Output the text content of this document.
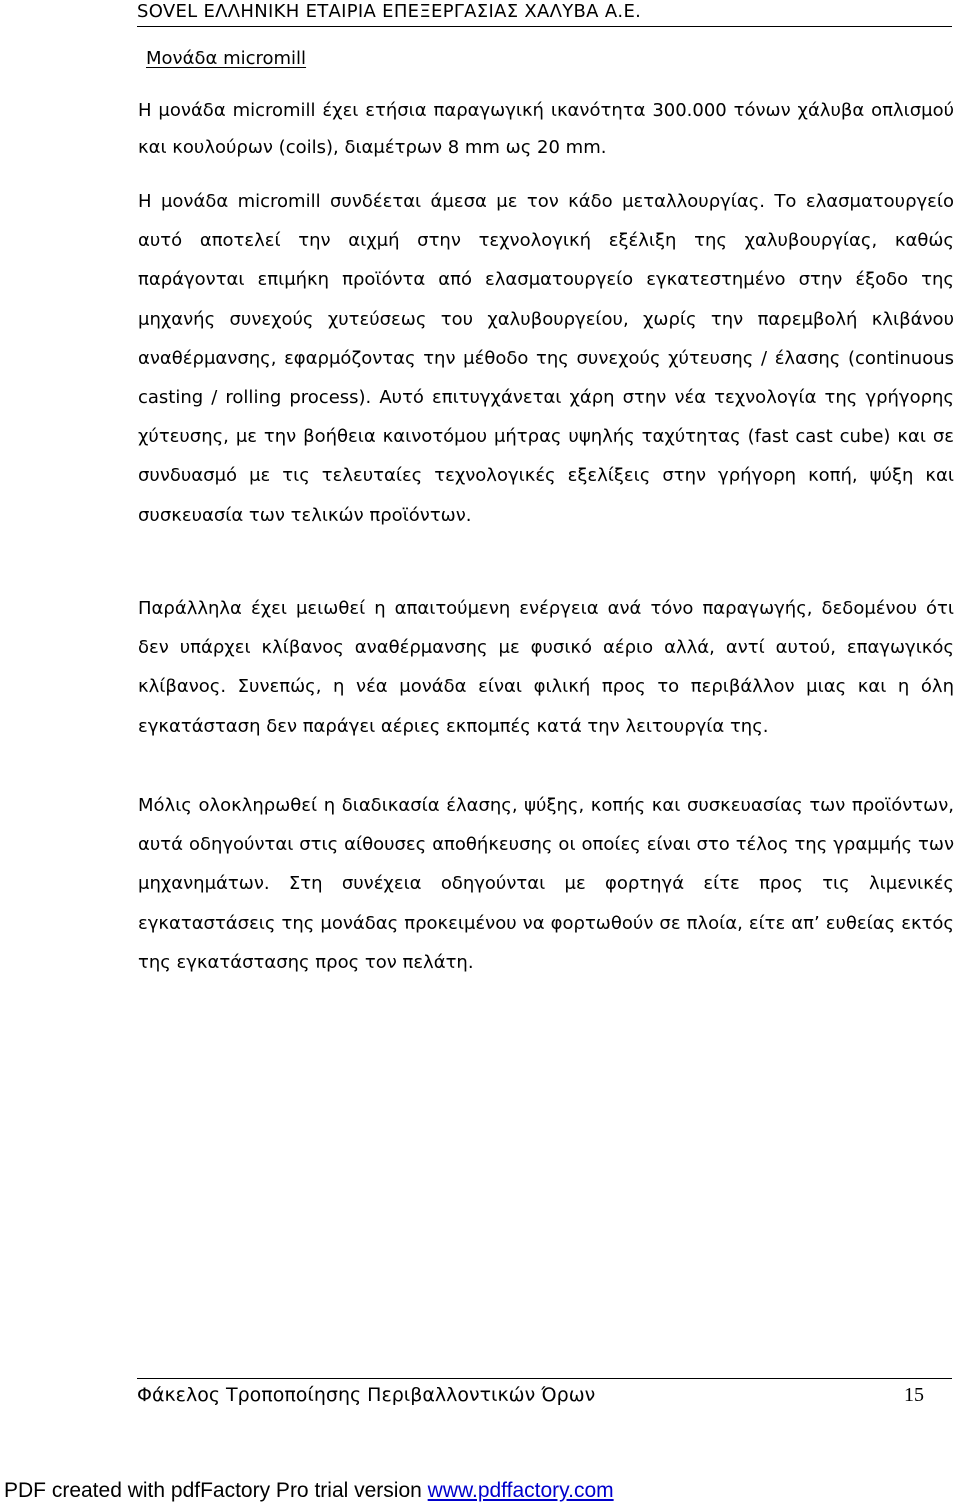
SOVEL ΕΛΛΗΝΙΚΗ ΕΤΑΙΡΙΑ ΕΠΕΞΕΡΓΑΣΙΑΣ ΧΑΛΥΒΑ Α.Ε.
Μονάδα micromill

Η μονάδα micromill έχει ετήσια παραγωγική ικανότητα 300.000 τόνων χάλυβα οπλισμού και κουλούρων (coils), διαμέτρων 8 mm ως 20 mm.

Η μονάδα micromill συνδέεται άμεσα με τον κάδο μεταλλουργίας. Το ελασματουργείο αυτό αποτελεί την αιχμή στην τεχνολογική εξέλιξη της χαλυβουργίας, καθώς παράγονται επιμήκη προϊόντα από ελασματουργείο εγκατεστημένο στην έξοδο της μηχανής συνεχούς χυτεύσεως του χαλυβουργείου, χωρίς την παρεμβολή κλιβάνου αναθέρμανσης, εφαρμόζοντας την μέθοδο της συνεχούς χύτευσης / έλασης (continuous casting / rolling process). Αυτό επιτυγχάνεται χάρη στην νέα τεχνολογία της γρήγορης χύτευσης, με την βοήθεια καινοτόμου μήτρας υψηλής ταχύτητας (fast cast cube) και σε συνδυασμό με τις τελευταίες τεχνολογικές εξελίξεις στην γρήγορη κοπή, ψύξη και συσκευασία των τελικών προϊόντων.

Παράλληλα έχει μειωθεί η απαιτούμενη ενέργεια ανά τόνο παραγωγής, δεδομένου ότι δεν υπάρχει κλίβανος αναθέρμανσης με φυσικό αέριο αλλά, αντί αυτού, επαγωγικός κλίβανος. Συνεπώς, η νέα μονάδα είναι φιλική προς το περιβάλλον μιας και η όλη εγκατάσταση δεν παράγει αέριες εκπομπές κατά την λειτουργία της.

Μόλις ολοκληρωθεί η διαδικασία έλασης, ψύξης, κοπής και συσκευασίας των προϊόντων, αυτά οδηγούνται στις αίθουσες αποθήκευσης οι οποίες είναι στο τέλος της γραμμής των μηχανημάτων. Στη συνέχεια οδηγούνται με φορτηγά είτε προς τις λιμενικές εγκαταστάσεις της μονάδας προκειμένου να φορτωθούν σε πλοία, είτε απ’ ευθείας εκτός της εγκατάστασης προς τον πελάτη.

Φάκελος Τροποποίησης Περιβαλλοντικών Όρων	15
PDF created with pdfFactory Pro trial version www.pdffactory.com
